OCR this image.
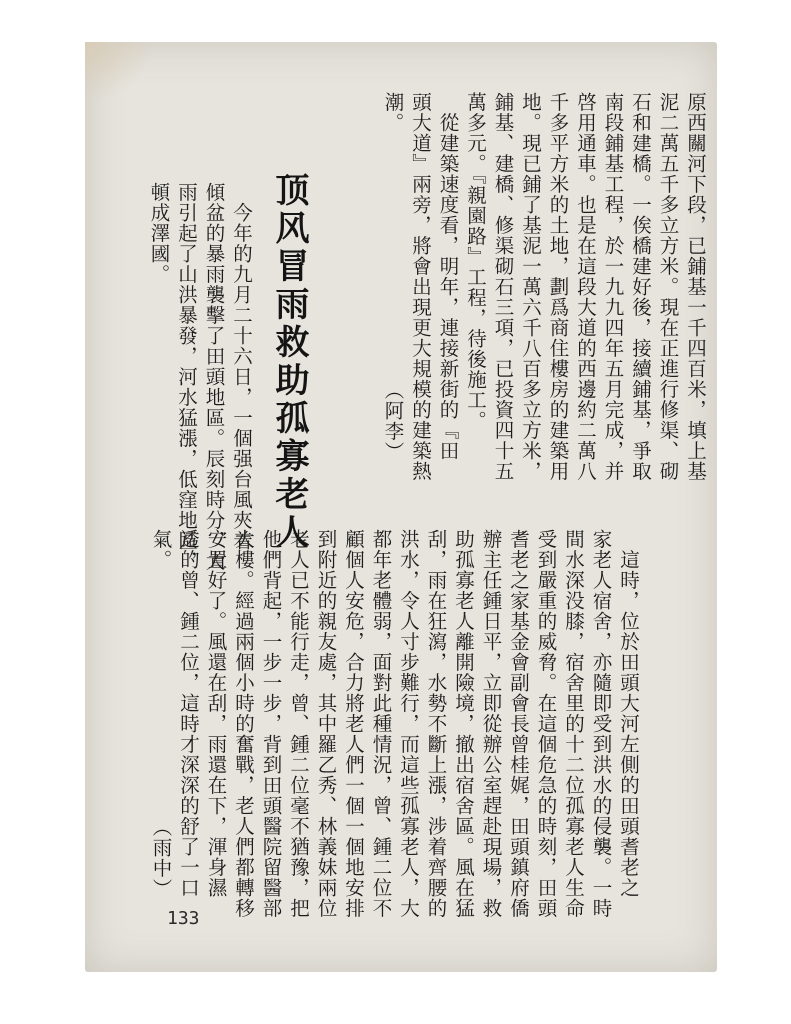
原西關河下段，已鋪基一千四百米，填上基
泥二萬五千多立方米。現在正進行修渠、砌
石和建橋。一俟橋建好後，接續鋪基，爭取
南段鋪基工程，於一九九四年五月完成，并
啓用通車。也是在這段大道的西邊約二萬八
千多平方米的土地，劃爲商住樓房的建築用
地。現已鋪了基泥一萬六千八百多立方米，
鋪基、建橋、修渠砌石三項，已投資四十五
萬多元。『親園路』工程，待後施工。
　從建築速度看，明年，連接新街的『田
頭大道』兩旁，將會出現更大規模的建築熱
潮。　　　　　　　　　　　　　（阿李）
顶风冒雨救助孤寡老人
　今年的九月二十六日，一個强台風夾着
傾盆的暴雨襲擊了田頭地區。辰刻時分，大
雨引起了山洪暴發，河水猛漲，低窪地區，
頓成澤國。
　這時，位於田頭大河左側的田頭耆老之
家老人宿舍，亦隨即受到洪水的侵襲。一時
間水深没膝，宿舍里的十二位孤寡老人生命
受到嚴重的威脅。在這個危急的時刻，田頭
耆老之家基金會副會長曾桂娓，田頭鎮府僑
辦主任鍾日平，立即從辦公室趕赴現場，救
助孤寡老人離開險境，撤出宿舍區。風在猛
刮，雨在狂瀉，水勢不斷上漲，涉着齊腰的
洪水，令人寸步難行，而這些孤寡老人，大
都年老體弱，面對此種情況，曾、鍾二位不
顧個人安危，合力將老人們一個一個地安排
到附近的親友處，其中羅乙秀、林義妹兩位
老人已不能行走，曾、鍾二位毫不猶豫，把
他們背起，一步一步，背到田頭醫院留醫部
大樓。經過兩個小時的奮戰，老人們都轉移
安置好了。風還在刮，雨還在下，渾身濕
透的曾、鍾二位，這時才深深的舒了一口
氣。　　　　　　　　　　　　　（雨中）
133
